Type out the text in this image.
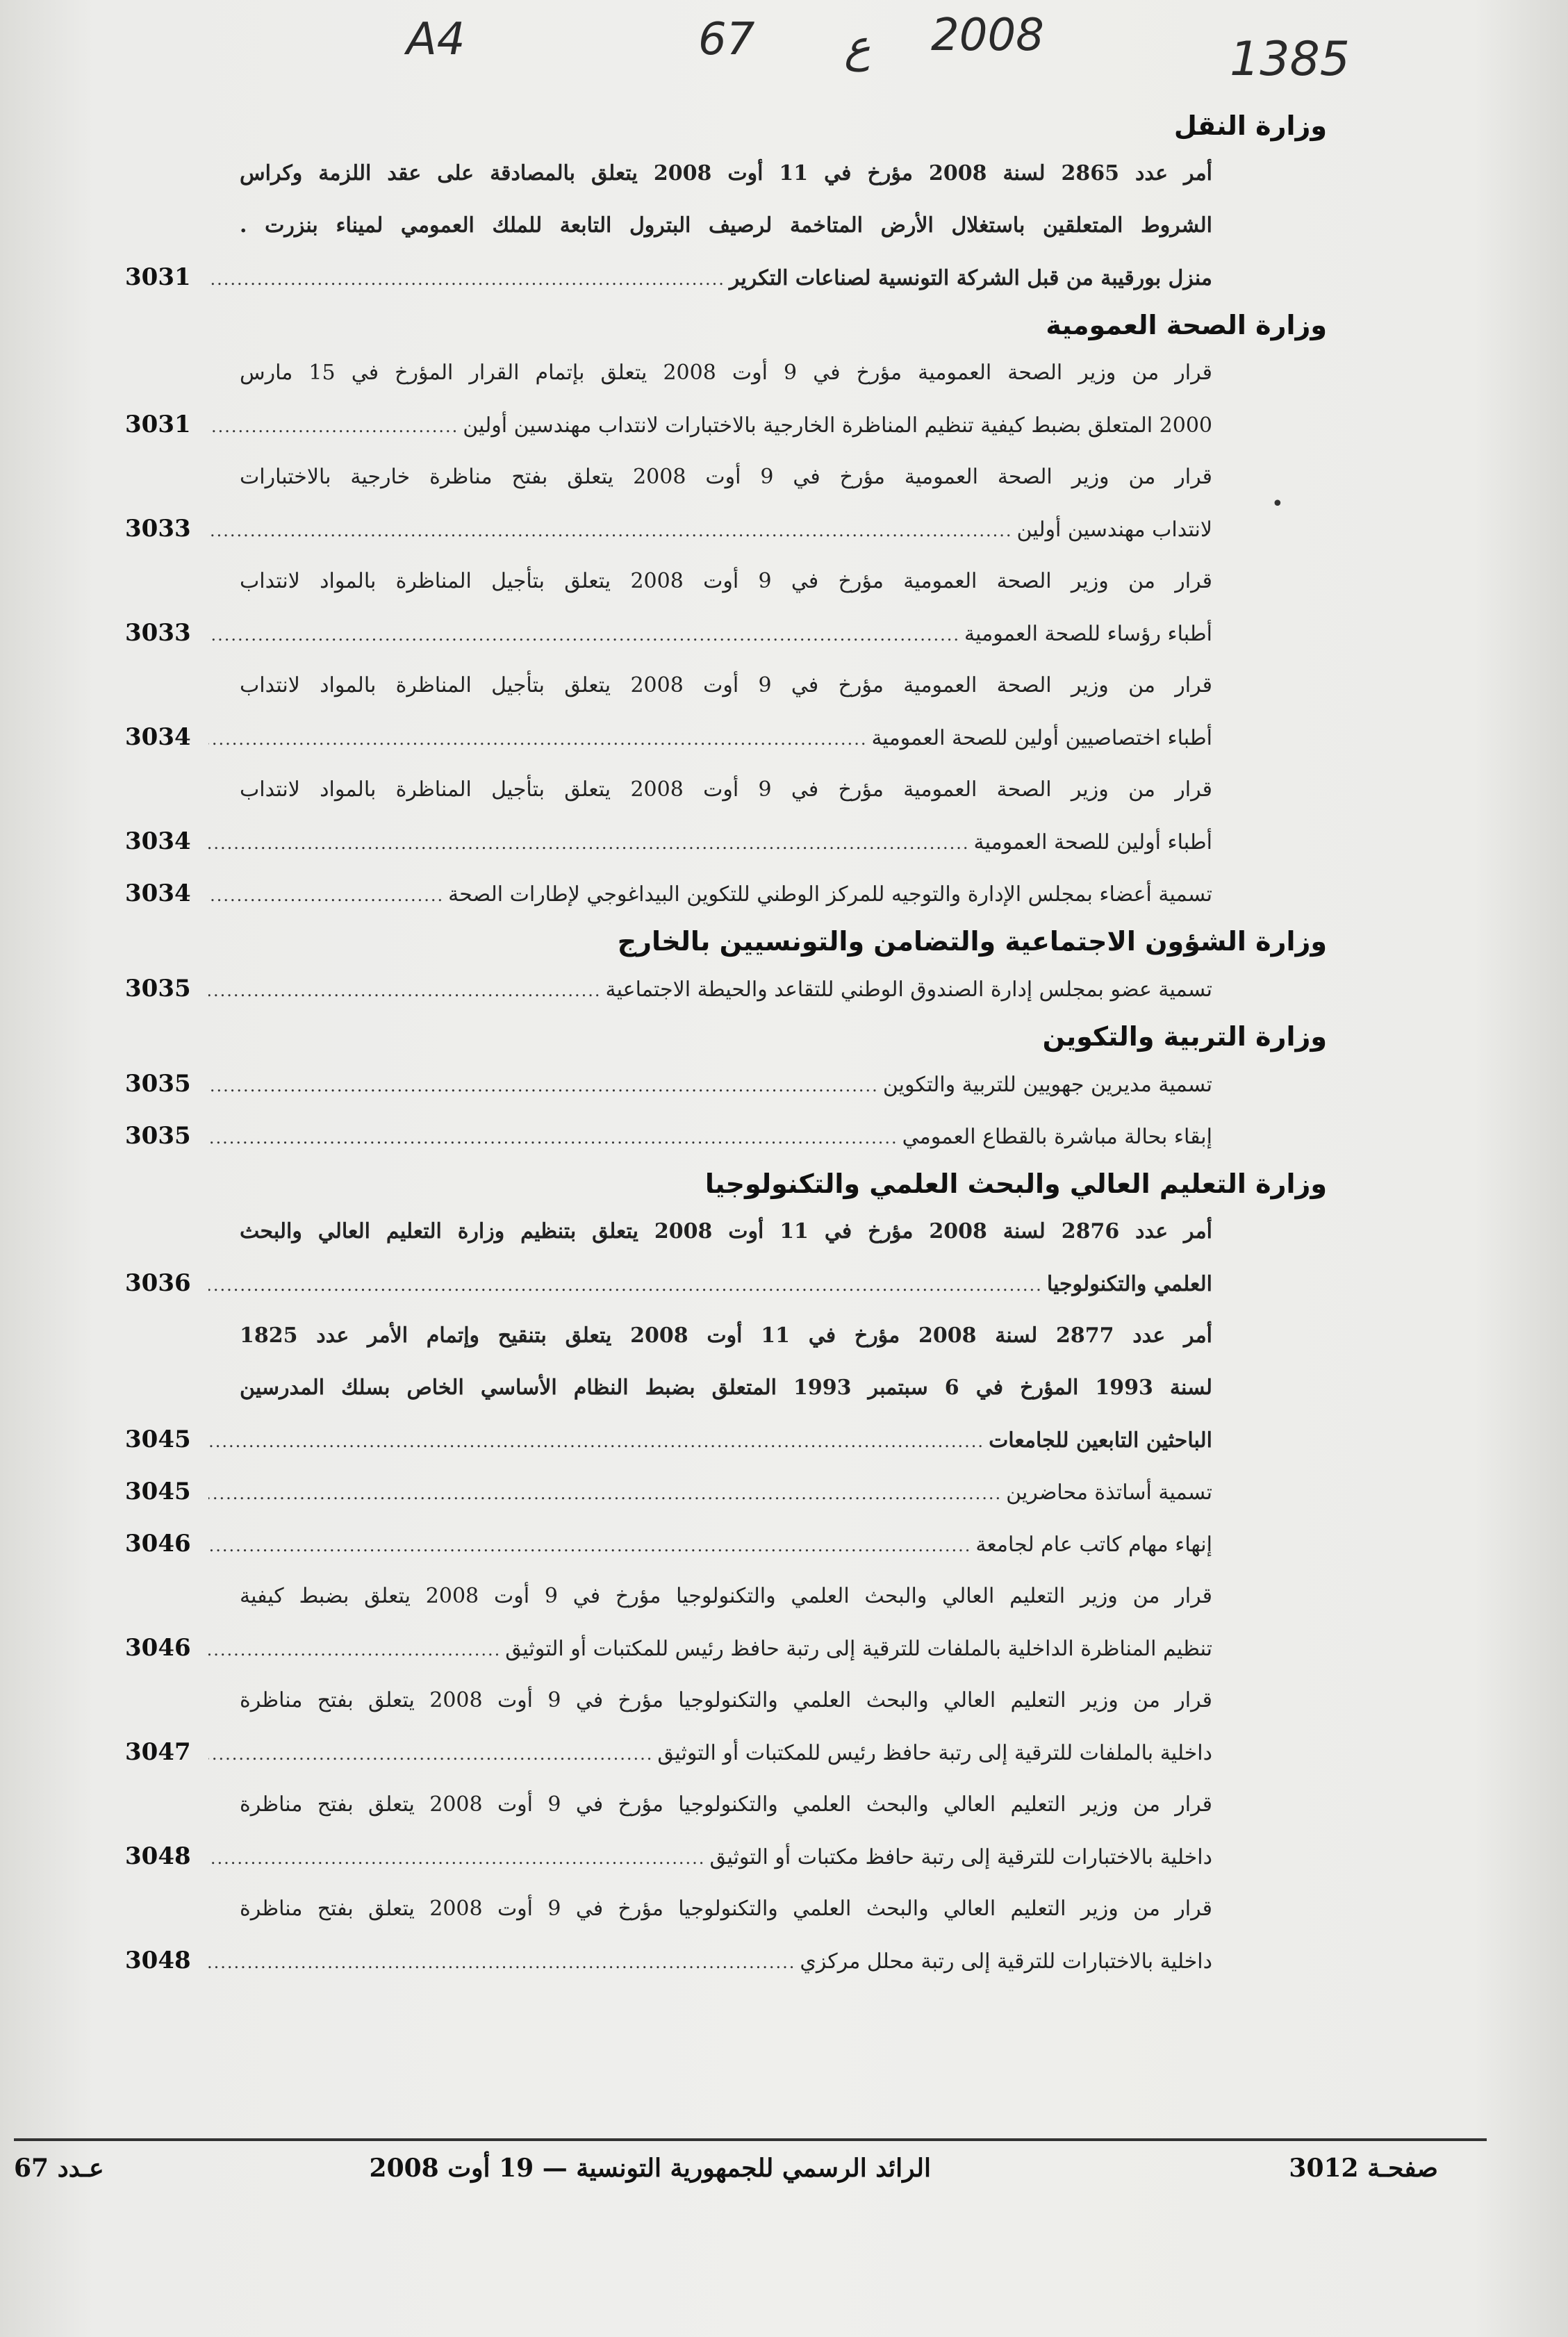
A4	67 ع 2008	1385
•
وزارة النقل
أمر عدد 2865 لسنة 2008 مؤرخ في 11 أوت 2008 يتعلق بالمصادقة على عقد اللزمة وكراس
الشروط المتعلقين باستغلال الأرض المتاخمة لرصيف البترول التابعة للملك العمومي لميناء بنزرت .
منزل بورقيبة من قبل الشركة التونسية لصناعات التكرير
.....
3031
وزارة الصحة العمومية
قرار من وزير الصحة العمومية مؤرخ في 9 أوت 2008 يتعلق بإتمام القرار المؤرخ في 15 مارس
2000 المتعلق بضبط كيفية تنظيم المناظرة الخارجية بالاختبارات لانتداب مهندسين أولين
.....
3031
قرار من وزير الصحة العمومية مؤرخ في 9 أوت 2008 يتعلق بفتح مناظرة خارجية بالاختبارات
لانتداب مهندسين أولين
.....
3033
قرار من وزير الصحة العمومية مؤرخ في 9 أوت 2008 يتعلق بتأجيل المناظرة بالمواد لانتداب
أطباء رؤساء للصحة العمومية
.....
3033
قرار من وزير الصحة العمومية مؤرخ في 9 أوت 2008 يتعلق بتأجيل المناظرة بالمواد لانتداب
أطباء اختصاصيين أولين للصحة العمومية
.....
3034
قرار من وزير الصحة العمومية مؤرخ في 9 أوت 2008 يتعلق بتأجيل المناظرة بالمواد لانتداب
أطباء أولين للصحة العمومية
.....
3034
تسمية أعضاء بمجلس الإدارة والتوجيه للمركز الوطني للتكوين البيداغوجي لإطارات الصحة
.....
3034
وزارة الشؤون الاجتماعية والتضامن والتونسيين بالخارج
تسمية عضو بمجلس إدارة الصندوق الوطني للتقاعد والحيطة الاجتماعية
.....
3035
وزارة التربية والتكوين
تسمية مديرين جهويين للتربية والتكوين
.....
3035
إبقاء بحالة مباشرة بالقطاع العمومي
.....
3035
وزارة التعليم العالي والبحث العلمي والتكنولوجيا
أمر عدد 2876 لسنة 2008 مؤرخ في 11 أوت 2008 يتعلق بتنظيم وزارة التعليم العالي والبحث
العلمي والتكنولوجيا
.....
3036
أمر عدد 2877 لسنة 2008 مؤرخ في 11 أوت 2008 يتعلق بتنقيح وإتمام الأمر عدد 1825
لسنة 1993 المؤرخ في 6 سبتمبر 1993 المتعلق بضبط النظام الأساسي الخاص بسلك المدرسين
الباحثين التابعين للجامعات
.....
3045
تسمية أساتذة محاضرين
.....
3045
إنهاء مهام كاتب عام لجامعة
.....
3046
قرار من وزير التعليم العالي والبحث العلمي والتكنولوجيا مؤرخ في 9 أوت 2008 يتعلق بضبط كيفية
تنظيم المناظرة الداخلية بالملفات للترقية إلى رتبة حافظ رئيس للمكتبات أو التوثيق
.....
3046
قرار من وزير التعليم العالي والبحث العلمي والتكنولوجيا مؤرخ في 9 أوت 2008 يتعلق بفتح مناظرة
داخلية بالملفات للترقية إلى رتبة حافظ رئيس للمكتبات أو التوثيق
.....
3047
قرار من وزير التعليم العالي والبحث العلمي والتكنولوجيا مؤرخ في 9 أوت 2008 يتعلق بفتح مناظرة
داخلية بالاختبارات للترقية إلى رتبة حافظ مكتبات أو التوثيق
.....
3048
قرار من وزير التعليم العالي والبحث العلمي والتكنولوجيا مؤرخ في 9 أوت 2008 يتعلق بفتح مناظرة
داخلية بالاختبارات للترقية إلى رتبة محلل مركزي
.....
3048
صفحـة 3012
الرائد الرسمي للجمهورية التونسية — 19 أوت 2008
عـدد 67
